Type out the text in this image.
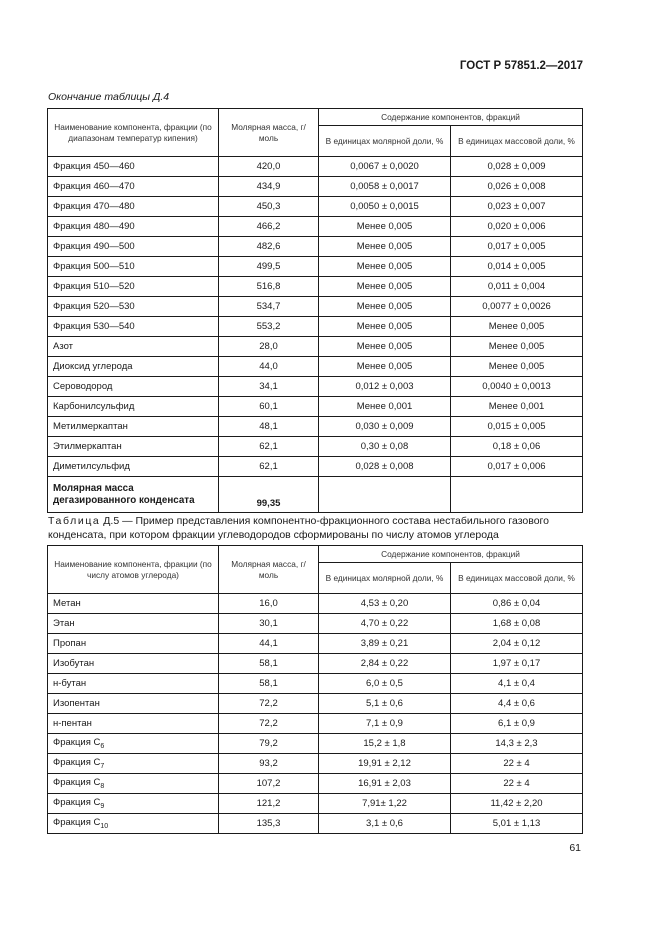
ГОСТ Р 57851.2—2017
Окончание таблицы Д.4
Наименование компонента, фракции (по диапазонам температур кипения)	Молярная масса, г/моль	Содержание компонентов, фракций	
		В единицах молярной доли, %	В единицах массовой доли, %
Фракция 450—460	420,0	0,0067 ± 0,0020	0,028 ± 0,009
Фракция 460—470	434,9	0,0058 ± 0,0017	0,026 ± 0,008
Фракция 470—480	450,3	0,0050 ± 0,0015	0,023 ± 0,007
Фракция 480—490	466,2	Менее 0,005	0,020 ± 0,006
Фракция 490—500	482,6	Менее 0,005	0,017 ± 0,005
Фракция 500—510	499,5	Менее 0,005	0,014 ± 0,005
Фракция 510—520	516,8	Менее 0,005	0,011 ± 0,004
Фракция 520—530	534,7	Менее 0,005	0,0077 ± 0,0026
Фракция 530—540	553,2	Менее 0,005	Менее 0,005
Азот	28,0	Менее 0,005	Менее 0,005
Диоксид углерода	44,0	Менее 0,005	Менее 0,005
Сероводород	34,1	0,012 ± 0,003	0,0040 ± 0,0013
Карбонилсульфид	60,1	Менее 0,001	Менее 0,001
Метилмеркаптан	48,1	0,030 ± 0,009	0,015 ± 0,005
Этилмеркаптан	62,1	0,30 ± 0,08	0,18 ± 0,06
Диметилсульфид	62,1	0,028 ± 0,008	0,017 ± 0,006
Молярная масса дегазированного конденсата	99,35		
Таблица Д.5 — Пример представления компонентно-фракционного состава нестабильного газового конденсата, при котором фракции углеводородов сформированы по числу атомов углерода
Наименование компонента, фракции (по числу атомов углерода)	Молярная масса, г/моль	Содержание компонентов, фракций	
		В единицах молярной доли, %	В единицах массовой доли, %
Метан	16,0	4,53 ± 0,20	0,86 ± 0,04
Этан	30,1	4,70 ± 0,22	1,68 ± 0,08
Пропан	44,1	3,89 ± 0,21	2,04 ± 0,12
Изобутан	58,1	2,84 ± 0,22	1,97 ± 0,17
н-бутан	58,1	6,0 ± 0,5	4,1 ± 0,4
Изопентан	72,2	5,1 ± 0,6	4,4 ± 0,6
н-пентан	72,2	7,1 ± 0,9	6,1 ± 0,9
Фракция $С_6$	79,2	15,2 ± 1,8	14,3 ± 2,3
Фракция $С_7$	93,2	19,91 ± 2,12	22 ± 4
Фракция $С_8$	107,2	16,91 ± 2,03	22 ± 4
Фракция $С_9$	121,2	7,91± 1,22	11,42 ± 2,20
Фракция $С_{10}$	135,3	3,1 ± 0,6	5,01 ± 1,13
61
